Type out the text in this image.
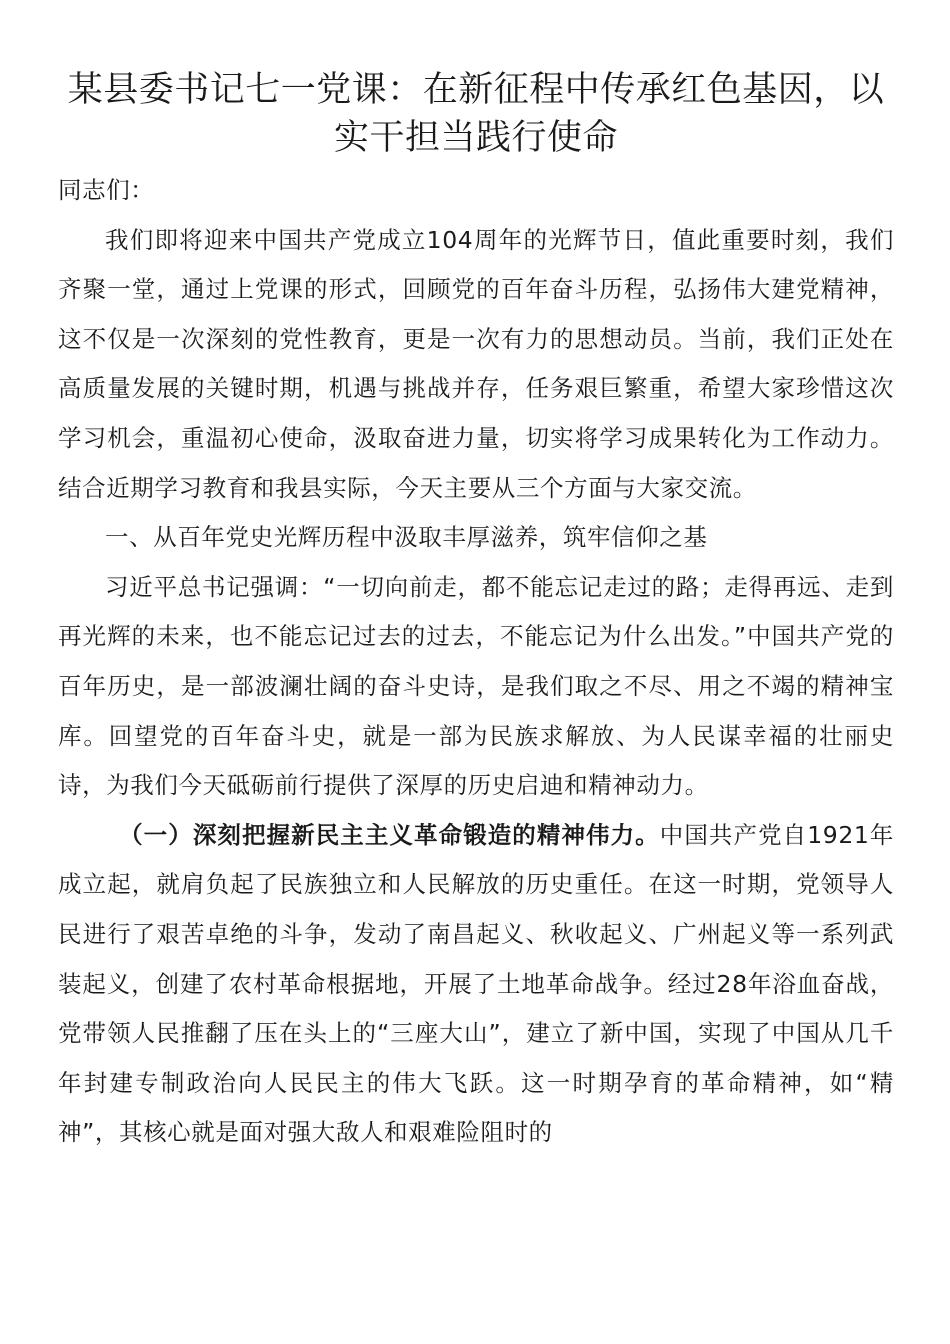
某县委书记七一党课：在新征程中传承红色基因，以实干担当践行使命

同志们：

我们即将迎来中国共产党成立104周年的光辉节日，值此重要时刻，我们齐聚一堂，通过上党课的形式，回顾党的百年奋斗历程，弘扬伟大建党精神，这不仅是一次深刻的党性教育，更是一次有力的思想动员。当前，我们正处在高质量发展的关键时期，机遇与挑战并存，任务艰巨繁重，希望大家珍惜这次学习机会，重温初心使命，汲取奋进力量，切实将学习成果转化为工作动力。结合近期学习教育和我县实际，今天主要从三个方面与大家交流。

一、从百年党史光辉历程中汲取丰厚滋养，筑牢信仰之基

习近平总书记强调：“一切向前走，都不能忘记走过的路；走得再远、走到再光辉的未来，也不能忘记过去的过去，不能忘记为什么出发。”中国共产党的百年历史，是一部波澜壮阔的奋斗史诗，是我们取之不尽、用之不竭的精神宝库。回望党的百年奋斗史，就是一部为民族求解放、为人民谋幸福的壮丽史诗，为我们今天砥砺前行提供了深厚的历史启迪和精神动力。

（一）深刻把握新民主主义革命锻造的精神伟力。中国共产党自1921年成立起，就肩负起了民族独立和人民解放的历史重任。在这一时期，党领导人民进行了艰苦卓绝的斗争，发动了南昌起义、秋收起义、广州起义等一系列武装起义，创建了农村革命根据地，开展了土地革命战争。经过28年浴血奋战，党带领人民推翻了压在头上的“三座大山”，建立了新中国，实现了中国从几千年封建专制政治向人民民主的伟大飞跃。这一时期孕育的革命精神，如“精神”，其核心就是面对强大敌人和艰难险阻时的
